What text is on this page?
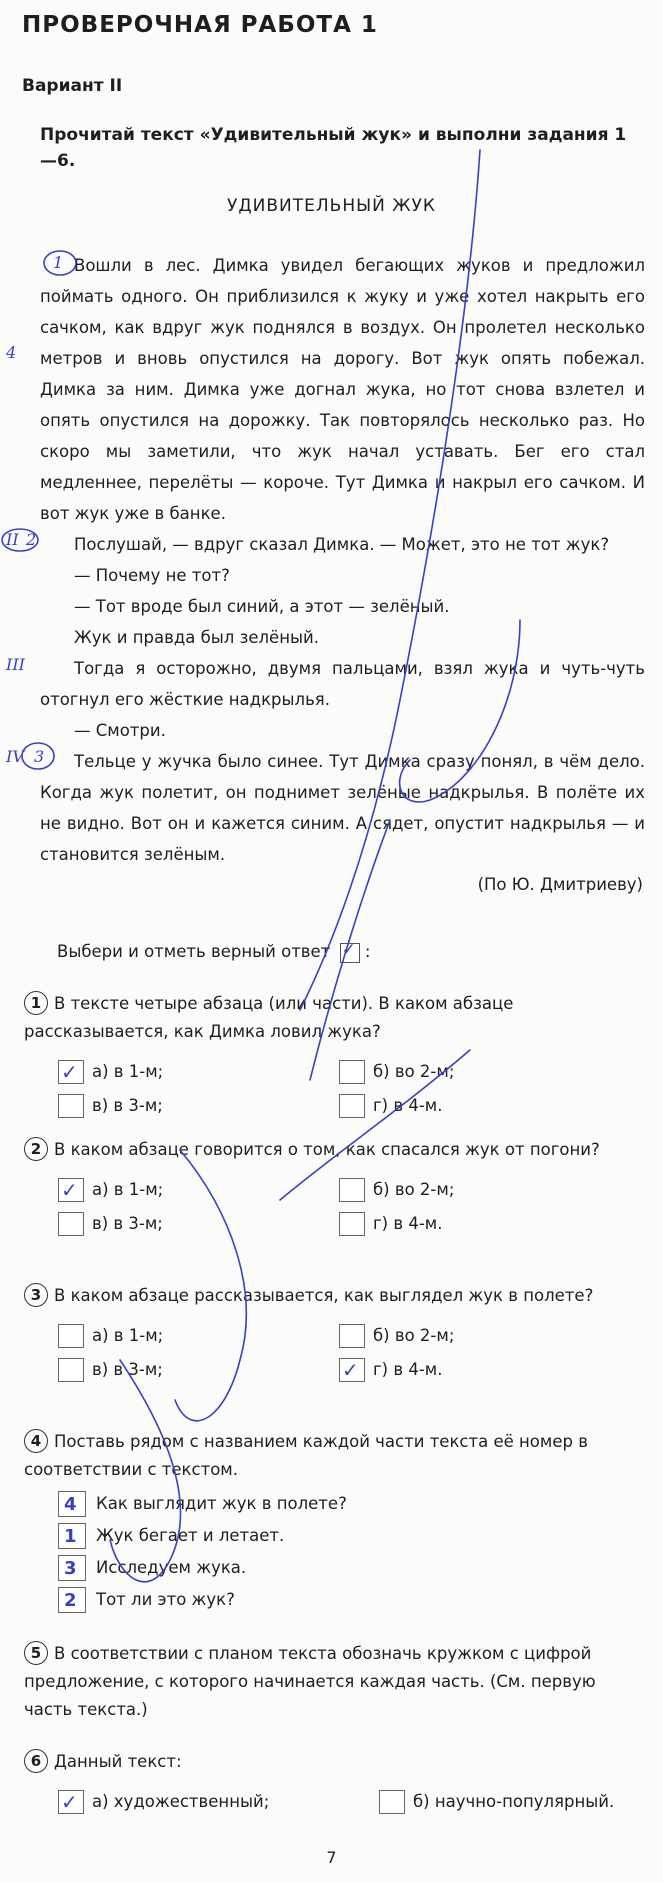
ПРОВЕРОЧНАЯ РАБОТА 1
Вариант II
Прочитай текст «Удивительный жук» и выполни задания 1—6.
УДИВИТЕЛЬНЫЙ ЖУК

Вошли в лес. Димка увидел бегающих жуков и предложил поймать одного. Он приблизился к жуку и уже хотел накрыть его сачком, как вдруг жук поднялся в воздух. Он пролетел несколько метров и вновь опустился на дорогу. Вот жук опять побежал. Димка за ним. Димка уже догнал жука, но тот снова взлетел и опять опустился на дорожку. Так повторялось несколько раз. Но скоро мы заметили, что жук начал уставать. Бег его стал медленнее, перелёты — короче. Тут Димка и накрыл его сачком. И вот жук уже в банке.

Послушай, — вдруг сказал Димка. — Может, это не тот жук?

— Почему не тот?

— Тот вроде был синий, а этот — зелёный.

Жук и правда был зелёный.

Тогда я осторожно, двумя пальцами, взял жука и чуть-чуть отогнул его жёсткие надкрылья.

— Смотри.

Тельце у жучка было синее. Тут Димка сразу понял, в чём дело. Когда жук полетит, он поднимет зелёные надкрылья. В полёте их не видно. Вот он и кажется синим. А сядет, опустит надкрылья — и становится зелёным.

(По Ю. Дмитриеву)
Выбери и отметь верный ответ ✓ :
1 В тексте четыре абзаца (или части). В каком абзаце рассказывается, как Димка ловил жука?
✓ а) в 1-м;	б) во 2-м;
в) в 3-м;	г) в 4-м.
2 В каком абзаце говорится о том, как спасался жук от погони?
✓ а) в 1-м;	б) во 2-м;
в) в 3-м;	г) в 4-м.
3 В каком абзаце рассказывается, как выглядел жук в полете?
а) в 1-м;	б) во 2-м;
в) в 3-м;	✓ г) в 4-м.
4 Поставь рядом с названием каждой части текста её номер в соответствии с текстом.
4 Как выглядит жук в полете?
1 Жук бегает и летает.
3 Исследуем жука.
2 Тот ли это жук?
5 В соответствии с планом текста обозначь кружком с цифрой предложение, с которого начинается каждая часть. (См. первую часть текста.)
6 Данный текст:
✓ а) художественный;	б) научно-популярный.
7
1
4
II 2
III
IV 3
